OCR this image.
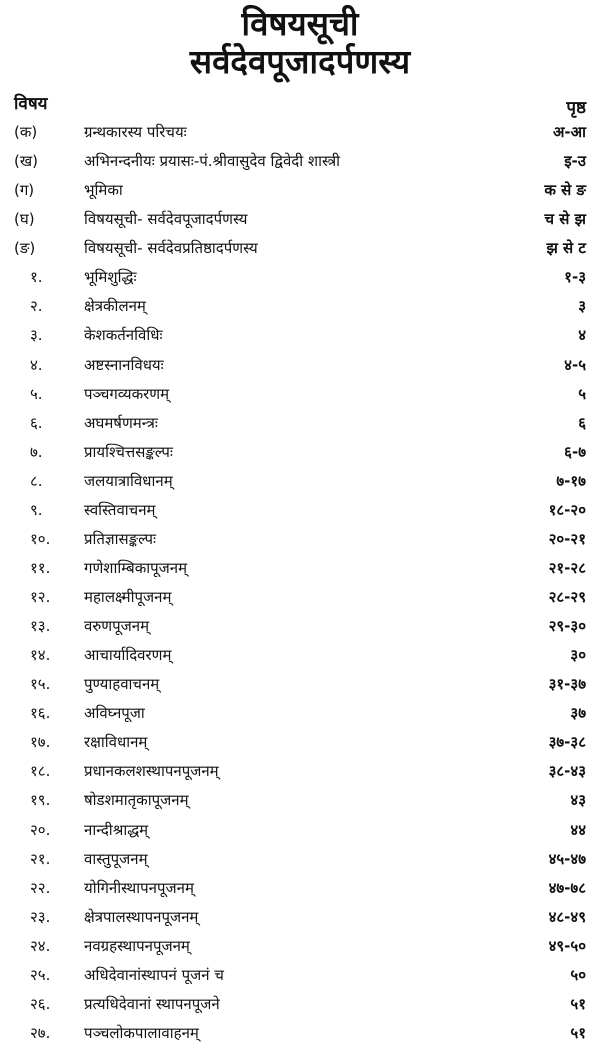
विषयसूची
सर्वदेवपूजादर्पणस्य
विषय	पृष्ठ
(क)	ग्रन्थकारस्य परिचयः	अ-आ
(ख)	अभिनन्दनीयः प्रयासः-पं.श्रीवासुदेव द्विवेदी शास्त्री	इ-उ
(ग)	भूमिका	क से ङ
(घ)	विषयसूची- सर्वदेवपूजादर्पणस्य	च से झ
(ङ)	विषयसूची- सर्वदेवप्रतिष्ठादर्पणस्य	झ से ट
१.	भूमिशुद्धिः	१-३
२.	क्षेत्रकीलनम्	३
३.	केशकर्तनविधिः	४
४.	अष्टस्नानविधयः	४-५
५.	पञ्चगव्यकरणम्	५
६.	अघमर्षणमन्त्रः	६
७.	प्रायश्चित्तसङ्कल्पः	६-७
८.	जलयात्राविधानम्	७-१७
९.	स्वस्तिवाचनम्	१८-२०
१०.	प्रतिज्ञासङ्कल्पः	२०-२१
११.	गणेशाम्बिकापूजनम्	२१-२८
१२.	महालक्ष्मीपूजनम्	२८-२९
१३.	वरुणपूजनम्	२९-३०
१४.	आचार्यादिवरणम्	३०
१५.	पुण्याहवाचनम्	३१-३७
१६.	अविघ्नपूजा	३७
१७.	रक्षाविधानम्	३७-३८
१८.	प्रधानकलशस्थापनपूजनम्	३८-४३
१९.	षोडशमातृकापूजनम्	४३
२०.	नान्दीश्राद्धम्	४४
२१.	वास्तुपूजनम्	४५-४७
२२.	योगिनीस्थापनपूजनम्	४७-७८
२३.	क्षेत्रपालस्थापनपूजनम्	४८-४९
२४.	नवग्रहस्थापनपूजनम्	४९-५०
२५.	अधिदेवानांस्थापनं पूजनं च	५०
२६.	प्रत्यधिदेवानां स्थापनपूजने	५१
२७.	पञ्चलोकपालावाहनम्	५१
